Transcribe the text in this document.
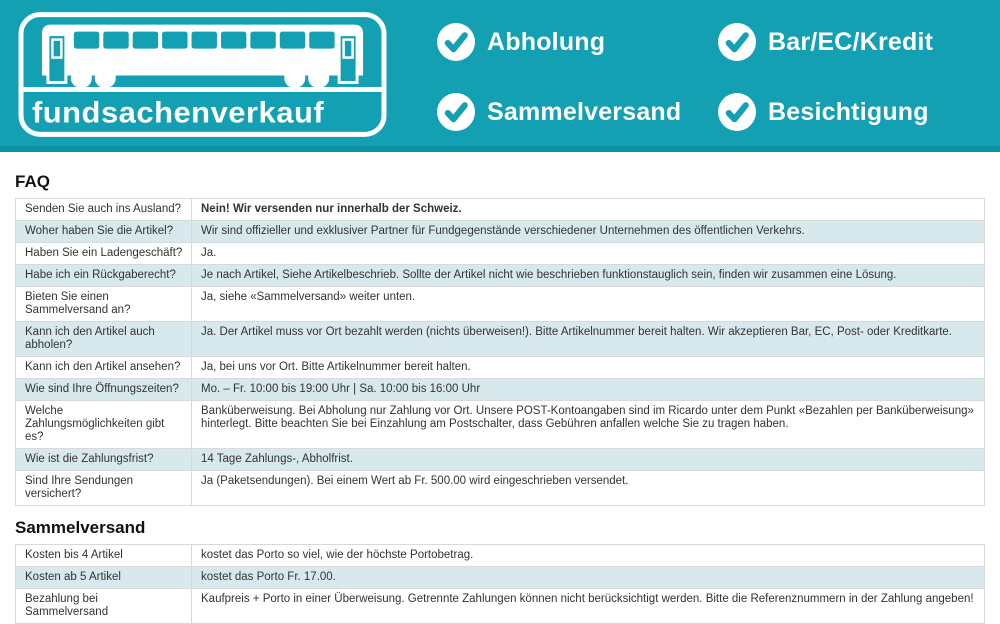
fundsachenverkauf
Abholung	Bar/EC/Kredit
Sammelversand	Besichtigung
FAQ
Senden Sie auch ins Ausland?	Nein! Wir versenden nur innerhalb der Schweiz.
Woher haben Sie die Artikel?	Wir sind offizieller und exklusiver Partner für Fundgegenstände verschiedener Unternehmen des öffentlichen Verkehrs.
Haben Sie ein Ladengeschäft?	Ja.
Habe ich ein Rückgaberecht?	Je nach Artikel, Siehe Artikelbeschrieb. Sollte der Artikel nicht wie beschrieben funktionstauglich sein, finden wir zusammen eine Lösung.
Bieten Sie einen Sammelversand an?	Ja, siehe «Sammelversand» weiter unten.
Kann ich den Artikel auch abholen?	Ja. Der Artikel muss vor Ort bezahlt werden (nichts überweisen!). Bitte Artikelnummer bereit halten. Wir akzeptieren Bar, EC, Post- oder Kreditkarte.
Kann ich den Artikel ansehen?	Ja, bei uns vor Ort. Bitte Artikelnummer bereit halten.
Wie sind Ihre Öffnungszeiten?	Mo. – Fr. 10:00 bis 19:00 Uhr | Sa. 10:00 bis 16:00 Uhr
Welche Zahlungsmöglichkeiten gibt es?	Banküberweisung. Bei Abholung nur Zahlung vor Ort. Unsere POST-Kontoangaben sind im Ricardo unter dem Punkt «Bezahlen per Banküberweisung» hinterlegt. Bitte beachten Sie bei Einzahlung am Postschalter, dass Gebühren anfallen welche Sie zu tragen haben.
Wie ist die Zahlungsfrist?	14 Tage Zahlungs-, Abholfrist.
Sind Ihre Sendungen versichert?	Ja (Paketsendungen). Bei einem Wert ab Fr. 500.00 wird eingeschrieben versendet.
Sammelversand
Kosten bis 4 Artikel	kostet das Porto so viel, wie der höchste Portobetrag.
Kosten ab 5 Artikel	kostet das Porto Fr. 17.00.
Bezahlung bei Sammelversand	Kaufpreis + Porto in einer Überweisung. Getrennte Zahlungen können nicht berücksichtigt werden. Bitte die Referenznummern in der Zahlung angeben!
